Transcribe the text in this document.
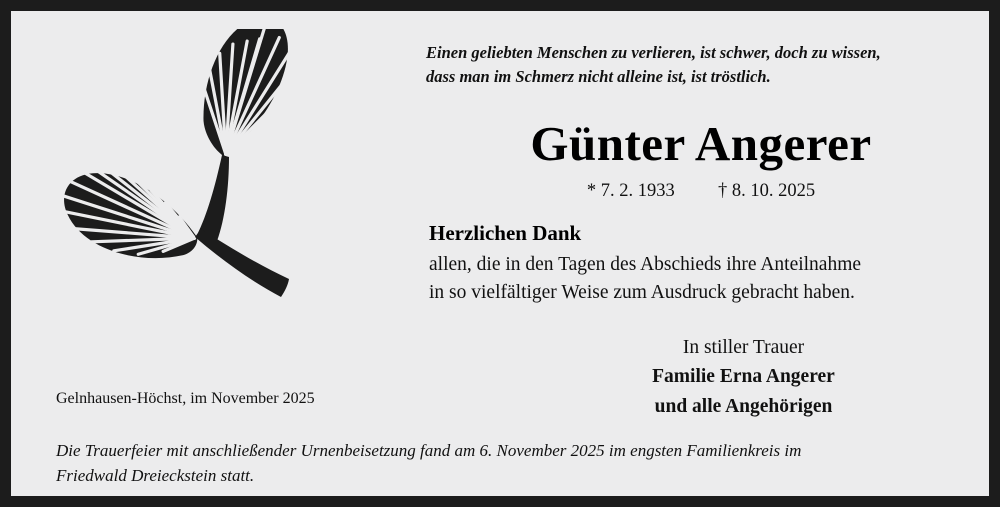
Einen geliebten Menschen zu verlieren, ist schwer, doch zu wissen,
dass man im Schmerz nicht alleine ist, ist tröstlich.
Günter Angerer
* 7. 2. 1933 † 8. 10. 2025
Herzlichen Dank
allen, die in den Tagen des Abschieds ihre Anteilnahme
in so vielfältiger Weise zum Ausdruck gebracht haben.
In stiller Trauer
Familie Erna Angerer
und alle Angehörigen
Gelnhausen-Höchst, im November 2025
Die Trauerfeier mit anschließender Urnenbeisetzung fand am 6. November 2025 im engsten Familienkreis im
Friedwald Dreieckstein statt.
